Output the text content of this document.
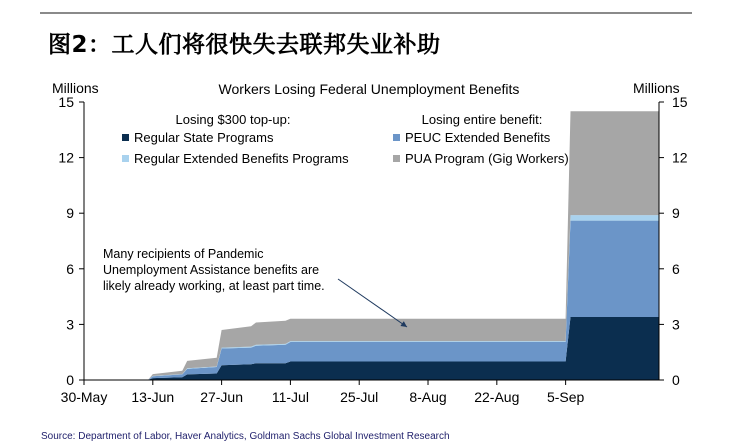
图2：工人们将很快失去联邦失业补助
Workers Losing Federal Unemployment Benefits
Millions	Millions
0	0
3	3
6	6
9	9
12	12
15	15
30-May 13-Jun 27-Jun 11-Jul 25-Jul 8-Aug 22-Aug 5-Sep
Losing $300 top-up:	Losing entire benefit:
Regular State Programs	PEUC Extended Benefits
Regular Extended Benefits Programs	PUA Program (Gig Workers)
Many recipients of Pandemic
Unemployment Assistance benefits are
likely already working, at least part time.
Source: Department of Labor, Haver Analytics, Goldman Sachs Global Investment Research
